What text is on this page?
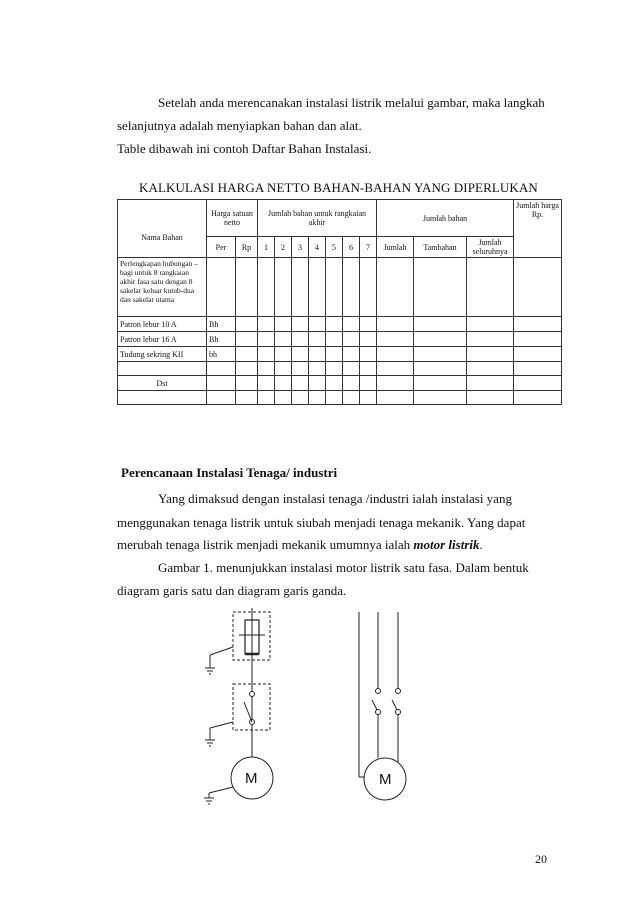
Setelah anda merencanakan instalasi listrik melalui gambar, maka langkah
selanjutnya adalah menyiapkan bahan dan alat.
Table dibawah ini contoh Daftar Bahan Instalasi.
KALKULASI HARGA NETTO BAHAN-BAHAN YANG DIPERLUKAN
Nama Bahan	Harga satuan netto		Jumlah bahan untuk rangkaian akhir							Jumlah bahan			Jumlah harga Rp.
	Per	Rp	1	2	3	4	5	6	7	Jumlah	Tambahan	Jumlah seluruhnya	
Perlengkapan hubungan –bagi untuk 8 rangkaian akhir fasa satu dengan 8 sakelar keluar kutub-dua dan sakelar utama													
Patron lebur 10 A	Bh												
Patron lebur 16 A	Bh												
Tudung sekring KII	bh												

Dst													

Perencanaan Instalasi Tenaga/ industri
Yang dimaksud dengan instalasi tenaga /industri ialah instalasi yang
menggunakan tenaga listrik untuk siubah menjadi tenaga mekanik. Yang dapat
merubah tenaga listrik menjadi mekanik umumnya ialah motor listrik.
Gambar 1. menunjukkan instalasi motor listrik satu fasa. Dalam bentuk
diagram garis satu dan diagram garis ganda.
M	M
20
